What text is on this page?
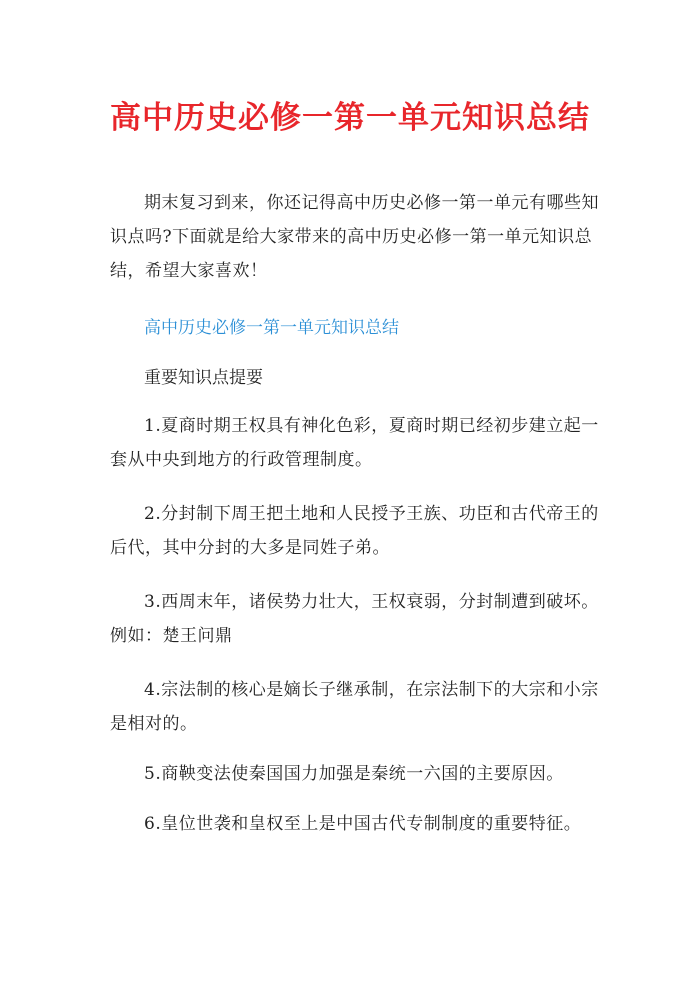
高中历史必修一第一单元知识总结

期末复习到来，你还记得高中历史必修一第一单元有哪些知识点吗?下面就是给大家带来的高中历史必修一第一单元知识总结，希望大家喜欢！

高中历史必修一第一单元知识总结

重要知识点提要

1.夏商时期王权具有神化色彩，夏商时期已经初步建立起一套从中央到地方的行政管理制度。

2.分封制下周王把土地和人民授予王族、功臣和古代帝王的后代，其中分封的大多是同姓子弟。

3.西周末年，诸侯势力壮大，王权衰弱，分封制遭到破坏。例如：楚王问鼎

4.宗法制的核心是嫡长子继承制，在宗法制下的大宗和小宗是相对的。

5.商鞅变法使秦国国力加强是秦统一六国的主要原因。

6.皇位世袭和皇权至上是中国古代专制制度的重要特征。
